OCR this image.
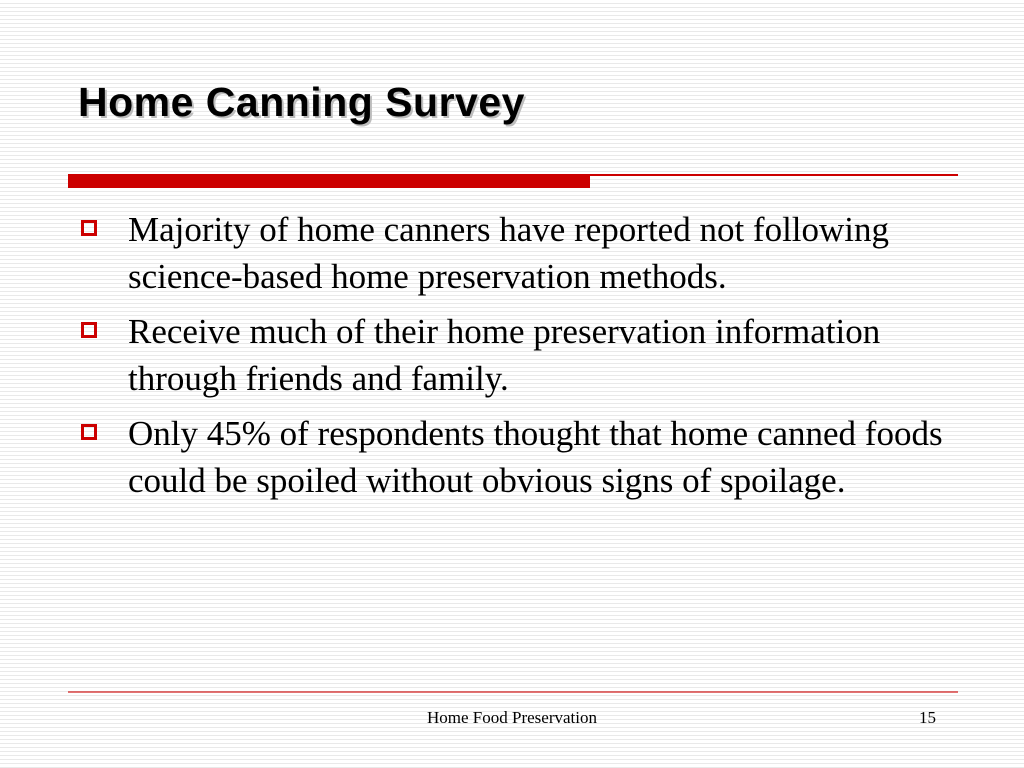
Home Canning Survey
Majority of home canners have reported not following science-based home preservation methods.
Receive much of their home preservation information through friends and family.
Only 45% of respondents thought that home canned foods could be spoiled without obvious signs of spoilage.
Home Food Preservation	15
